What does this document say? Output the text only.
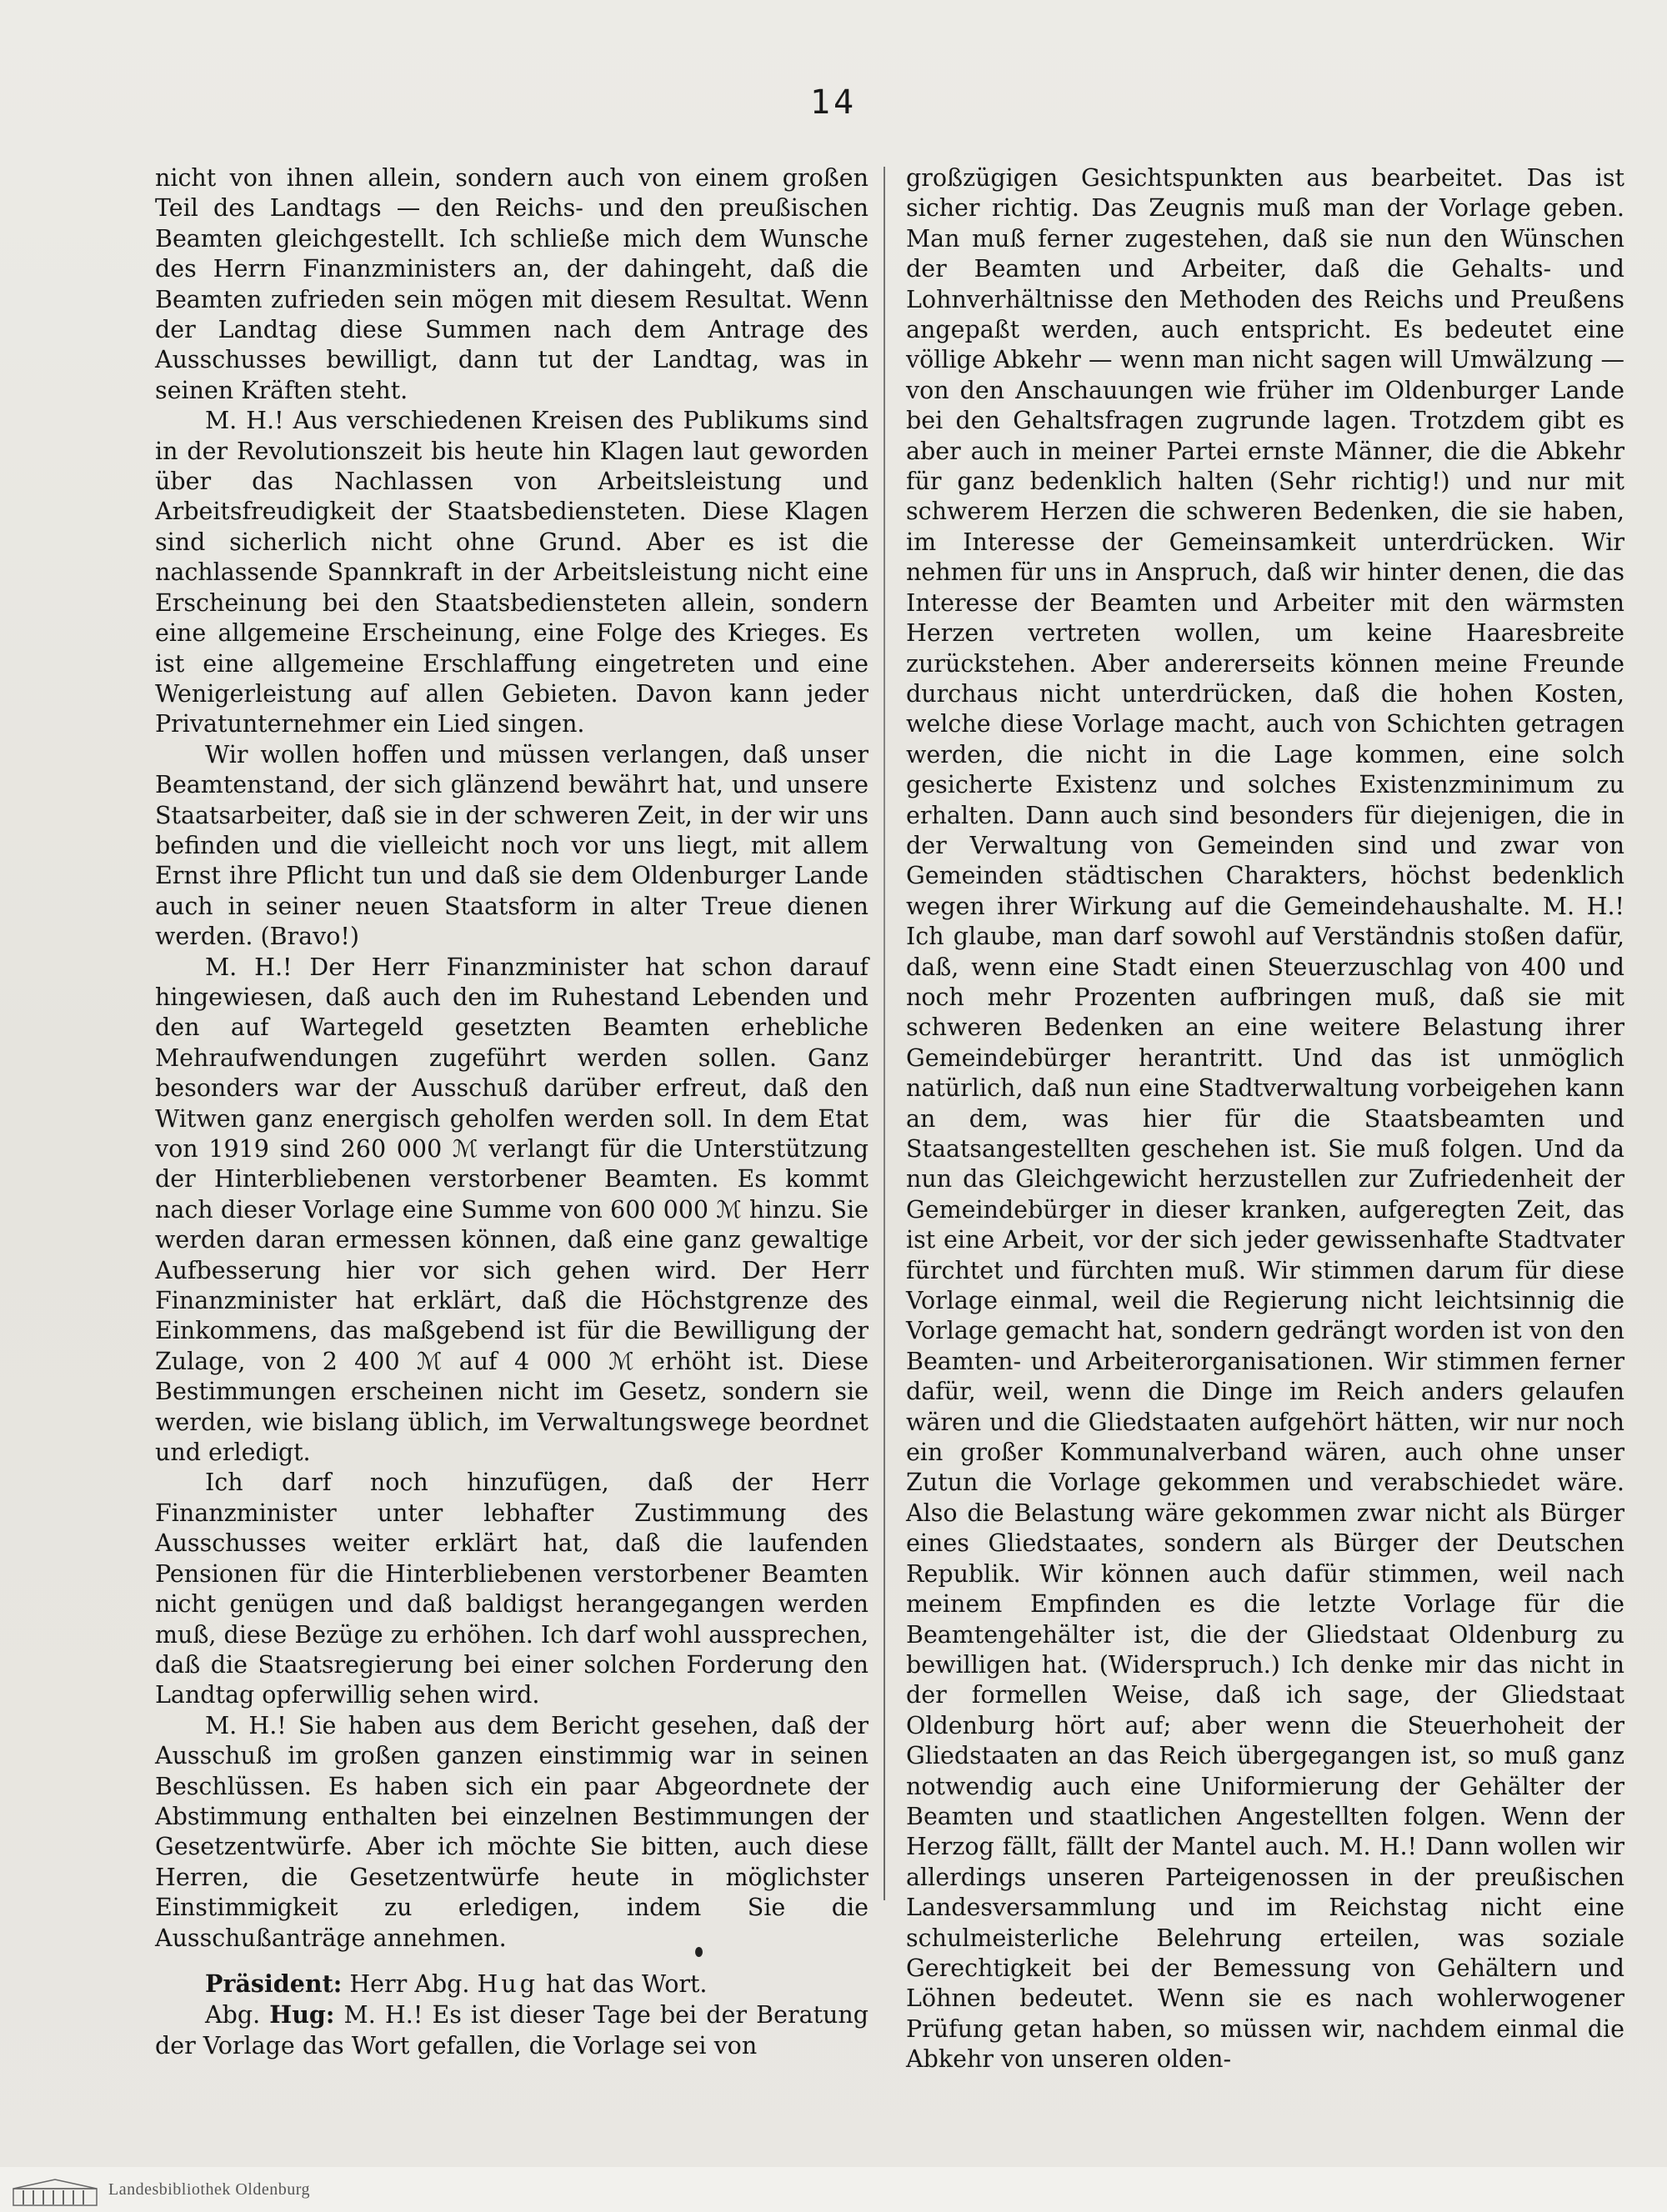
14

nicht von ihnen allein, sondern auch von einem großen Teil des Landtags — den Reichs- und den preußischen Beamten gleichgestellt. Ich schließe mich dem Wunsche des Herrn Finanzministers an, der dahingeht, daß die Beamten zufrieden sein mögen mit diesem Resultat. Wenn der Landtag diese Summen nach dem Antrage des Ausschusses bewilligt, dann tut der Landtag, was in seinen Kräften steht.

M. H.! Aus verschiedenen Kreisen des Publikums sind in der Revolutionszeit bis heute hin Klagen laut geworden über das Nachlassen von Arbeitsleistung und Arbeitsfreudigkeit der Staatsbediensteten. Diese Klagen sind sicherlich nicht ohne Grund. Aber es ist die nachlassende Spannkraft in der Arbeitsleistung nicht eine Erscheinung bei den Staatsbediensteten allein, sondern eine allgemeine Erscheinung, eine Folge des Krieges. Es ist eine allgemeine Erschlaffung eingetreten und eine Wenigerleistung auf allen Gebieten. Davon kann jeder Privatunternehmer ein Lied singen.

Wir wollen hoffen und müssen verlangen, daß unser Beamtenstand, der sich glänzend bewährt hat, und unsere Staatsarbeiter, daß sie in der schweren Zeit, in der wir uns befinden und die vielleicht noch vor uns liegt, mit allem Ernst ihre Pflicht tun und daß sie dem Oldenburger Lande auch in seiner neuen Staatsform in alter Treue dienen werden. (Bravo!)

M. H.! Der Herr Finanzminister hat schon darauf hingewiesen, daß auch den im Ruhestand Lebenden und den auf Wartegeld gesetzten Beamten erhebliche Mehraufwendungen zugeführt werden sollen. Ganz besonders war der Ausschuß darüber erfreut, daß den Witwen ganz energisch geholfen werden soll. In dem Etat von 1919 sind 260 000 ℳ verlangt für die Unterstützung der Hinterbliebenen verstorbener Beamten. Es kommt nach dieser Vorlage eine Summe von 600 000 ℳ hinzu. Sie werden daran ermessen können, daß eine ganz gewaltige Aufbesserung hier vor sich gehen wird. Der Herr Finanzminister hat erklärt, daß die Höchstgrenze des Einkommens, das maßgebend ist für die Bewilligung der Zulage, von 2 400 ℳ auf 4 000 ℳ erhöht ist. Diese Bestimmungen erscheinen nicht im Gesetz, sondern sie werden, wie bislang üblich, im Verwaltungswege beordnet und erledigt.

Ich darf noch hinzufügen, daß der Herr Finanzminister unter lebhafter Zustimmung des Ausschusses weiter erklärt hat, daß die laufenden Pensionen für die Hinterbliebenen verstorbener Beamten nicht genügen und daß baldigst herangegangen werden muß, diese Bezüge zu erhöhen. Ich darf wohl aussprechen, daß die Staatsregierung bei einer solchen Forderung den Landtag opferwillig sehen wird.

M. H.! Sie haben aus dem Bericht gesehen, daß der Ausschuß im großen ganzen einstimmig war in seinen Beschlüssen. Es haben sich ein paar Abgeordnete der Abstimmung enthalten bei einzelnen Bestimmungen der Gesetzentwürfe. Aber ich möchte Sie bitten, auch diese Herren, die Gesetzentwürfe heute in möglichster Einstimmigkeit zu erledigen, indem Sie die Ausschußanträge annehmen.

Präsident: Herr Abg. Hug hat das Wort.

Abg. Hug: M. H.! Es ist dieser Tage bei der Beratung der Vorlage das Wort gefallen, die Vorlage sei von

großzügigen Gesichtspunkten aus bearbeitet. Das ist sicher richtig. Das Zeugnis muß man der Vorlage geben. Man muß ferner zugestehen, daß sie nun den Wünschen der Beamten und Arbeiter, daß die Gehalts- und Lohnverhältnisse den Methoden des Reichs und Preußens angepaßt werden, auch entspricht. Es bedeutet eine völlige Abkehr — wenn man nicht sagen will Umwälzung — von den Anschauungen wie früher im Oldenburger Lande bei den Gehaltsfragen zugrunde lagen. Trotzdem gibt es aber auch in meiner Partei ernste Männer, die die Abkehr für ganz bedenklich halten (Sehr richtig!) und nur mit schwerem Herzen die schweren Bedenken, die sie haben, im Interesse der Gemeinsamkeit unterdrücken. Wir nehmen für uns in Anspruch, daß wir hinter denen, die das Interesse der Beamten und Arbeiter mit den wärmsten Herzen vertreten wollen, um keine Haaresbreite zurückstehen. Aber andererseits können meine Freunde durchaus nicht unterdrücken, daß die hohen Kosten, welche diese Vorlage macht, auch von Schichten getragen werden, die nicht in die Lage kommen, eine solch gesicherte Existenz und solches Existenzminimum zu erhalten. Dann auch sind besonders für diejenigen, die in der Verwaltung von Gemeinden sind und zwar von Gemeinden städtischen Charakters, höchst bedenklich wegen ihrer Wirkung auf die Gemeindehaushalte. M. H.! Ich glaube, man darf sowohl auf Verständnis stoßen dafür, daß, wenn eine Stadt einen Steuerzuschlag von 400 und noch mehr Prozenten aufbringen muß, daß sie mit schweren Bedenken an eine weitere Belastung ihrer Gemeindebürger herantritt. Und das ist unmöglich natürlich, daß nun eine Stadtverwaltung vorbeigehen kann an dem, was hier für die Staatsbeamten und Staatsangestellten geschehen ist. Sie muß folgen. Und da nun das Gleichgewicht herzustellen zur Zufriedenheit der Gemeindebürger in dieser kranken, aufgeregten Zeit, das ist eine Arbeit, vor der sich jeder gewissenhafte Stadtvater fürchtet und fürchten muß. Wir stimmen darum für diese Vorlage einmal, weil die Regierung nicht leichtsinnig die Vorlage gemacht hat, sondern gedrängt worden ist von den Beamten- und Arbeiterorganisationen. Wir stimmen ferner dafür, weil, wenn die Dinge im Reich anders gelaufen wären und die Gliedstaaten aufgehört hätten, wir nur noch ein großer Kommunalverband wären, auch ohne unser Zutun die Vorlage gekommen und verabschiedet wäre. Also die Belastung wäre gekommen zwar nicht als Bürger eines Gliedstaates, sondern als Bürger der Deutschen Republik. Wir können auch dafür stimmen, weil nach meinem Empfinden es die letzte Vorlage für die Beamtengehälter ist, die der Gliedstaat Oldenburg zu bewilligen hat. (Widerspruch.) Ich denke mir das nicht in der formellen Weise, daß ich sage, der Gliedstaat Oldenburg hört auf; aber wenn die Steuerhoheit der Gliedstaaten an das Reich übergegangen ist, so muß ganz notwendig auch eine Uniformierung der Gehälter der Beamten und staatlichen Angestellten folgen. Wenn der Herzog fällt, fällt der Mantel auch. M. H.! Dann wollen wir allerdings unseren Parteigenossen in der preußischen Landesversammlung und im Reichstag nicht eine schulmeisterliche Belehrung erteilen, was soziale Gerechtigkeit bei der Bemessung von Gehältern und Löhnen bedeutet. Wenn sie es nach wohlerwogener Prüfung getan haben, so müssen wir, nachdem einmal die Abkehr von unseren olden-

Landesbibliothek Oldenburg
